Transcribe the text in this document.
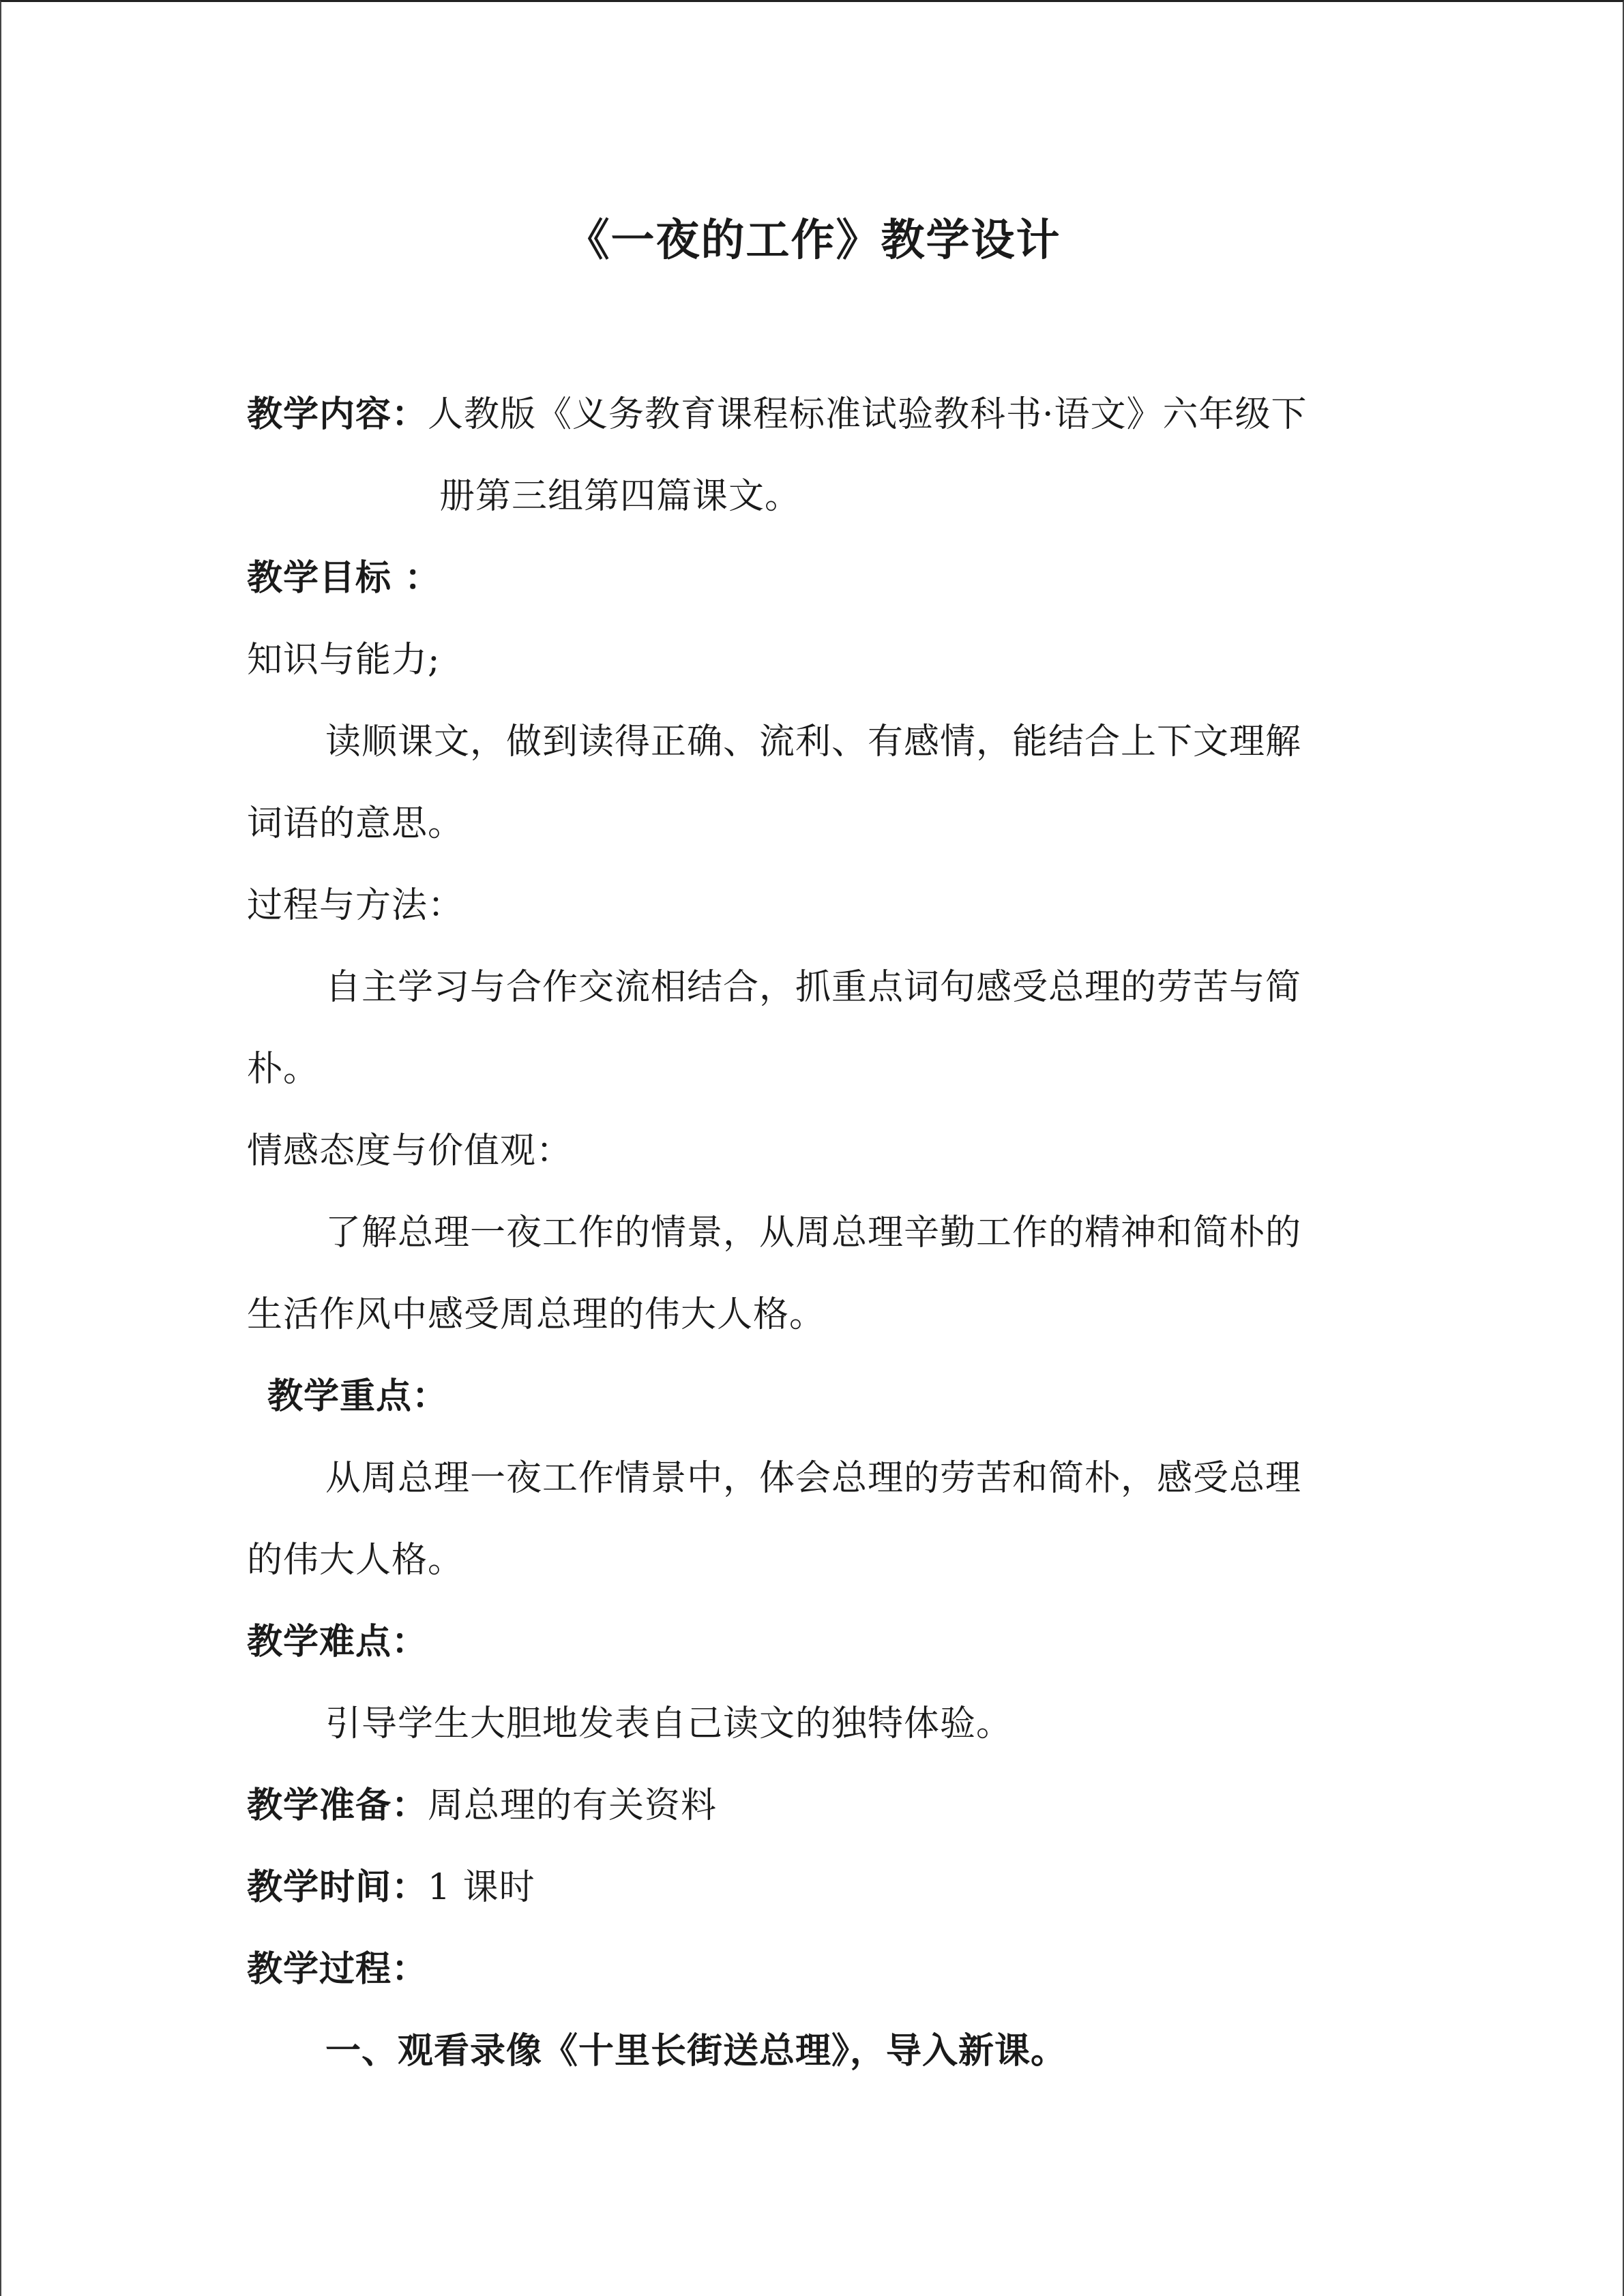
《一夜的工作》教学设计
教学内容：人教版《义务教育课程标准试验教科书·语文》六年级下
册第三组第四篇课文。
教学目标 ：
知识与能力;
读顺课文，做到读得正确、流利、有感情，能结合上下文理解
词语的意思。
过程与方法：
自主学习与合作交流相结合，抓重点词句感受总理的劳苦与简
朴。
情感态度与价值观：
了解总理一夜工作的情景，从周总理辛勤工作的精神和简朴的
生活作风中感受周总理的伟大人格。
教学重点：
从周总理一夜工作情景中，体会总理的劳苦和简朴，感受总理
的伟大人格。
教学难点：
引导学生大胆地发表自己读文的独特体验。
教学准备：周总理的有关资料
教学时间：1 课时
教学过程：
一、观看录像《十里长街送总理》，导入新课。
